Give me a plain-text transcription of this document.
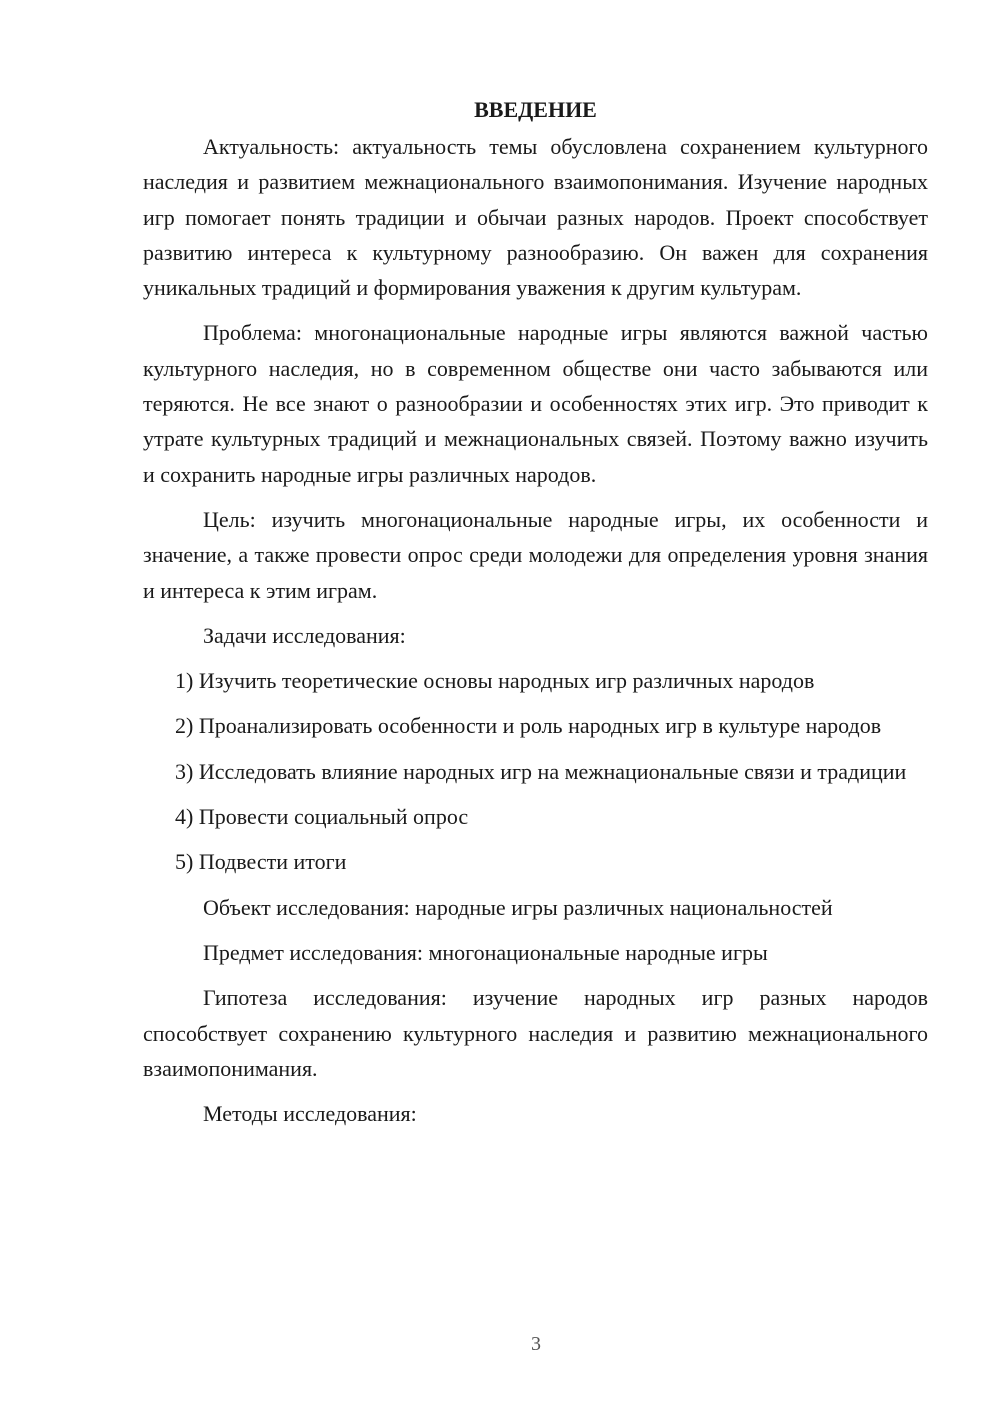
ВВЕДЕНИЕ

Актуальность: актуальность темы обусловлена сохранением культурного наследия и развитием межнационального взаимопонимания. Изучение народных игр помогает понять традиции и обычаи разных народов. Проект способствует развитию интереса к культурному разнообразию. Он важен для сохранения уникальных традиций и формирования уважения к другим культурам.

Проблема: многонациональные народные игры являются важной частью культурного наследия, но в современном обществе они часто забываются или теряются. Не все знают о разнообразии и особенностях этих игр. Это приводит к утрате культурных традиций и межнациональных связей. Поэтому важно изучить и сохранить народные игры различных народов.

Цель: изучить многонациональные народные игры, их особенности и значение, а также провести опрос среди молодежи для определения уровня знания и интереса к этим играм.

Задачи исследования:

1) Изучить теоретические основы народных игр различных народов

2) Проанализировать особенности и роль народных игр в культуре народов

3) Исследовать влияние народных игр на межнациональные связи и традиции

4) Провести социальный опрос

5) Подвести итоги

Объект исследования: народные игры различных национальностей

Предмет исследования: многонациональные народные игры

Гипотеза исследования: изучение народных игр разных народов способствует сохранению культурного наследия и развитию межнационального взаимопонимания.

Методы исследования:

3
